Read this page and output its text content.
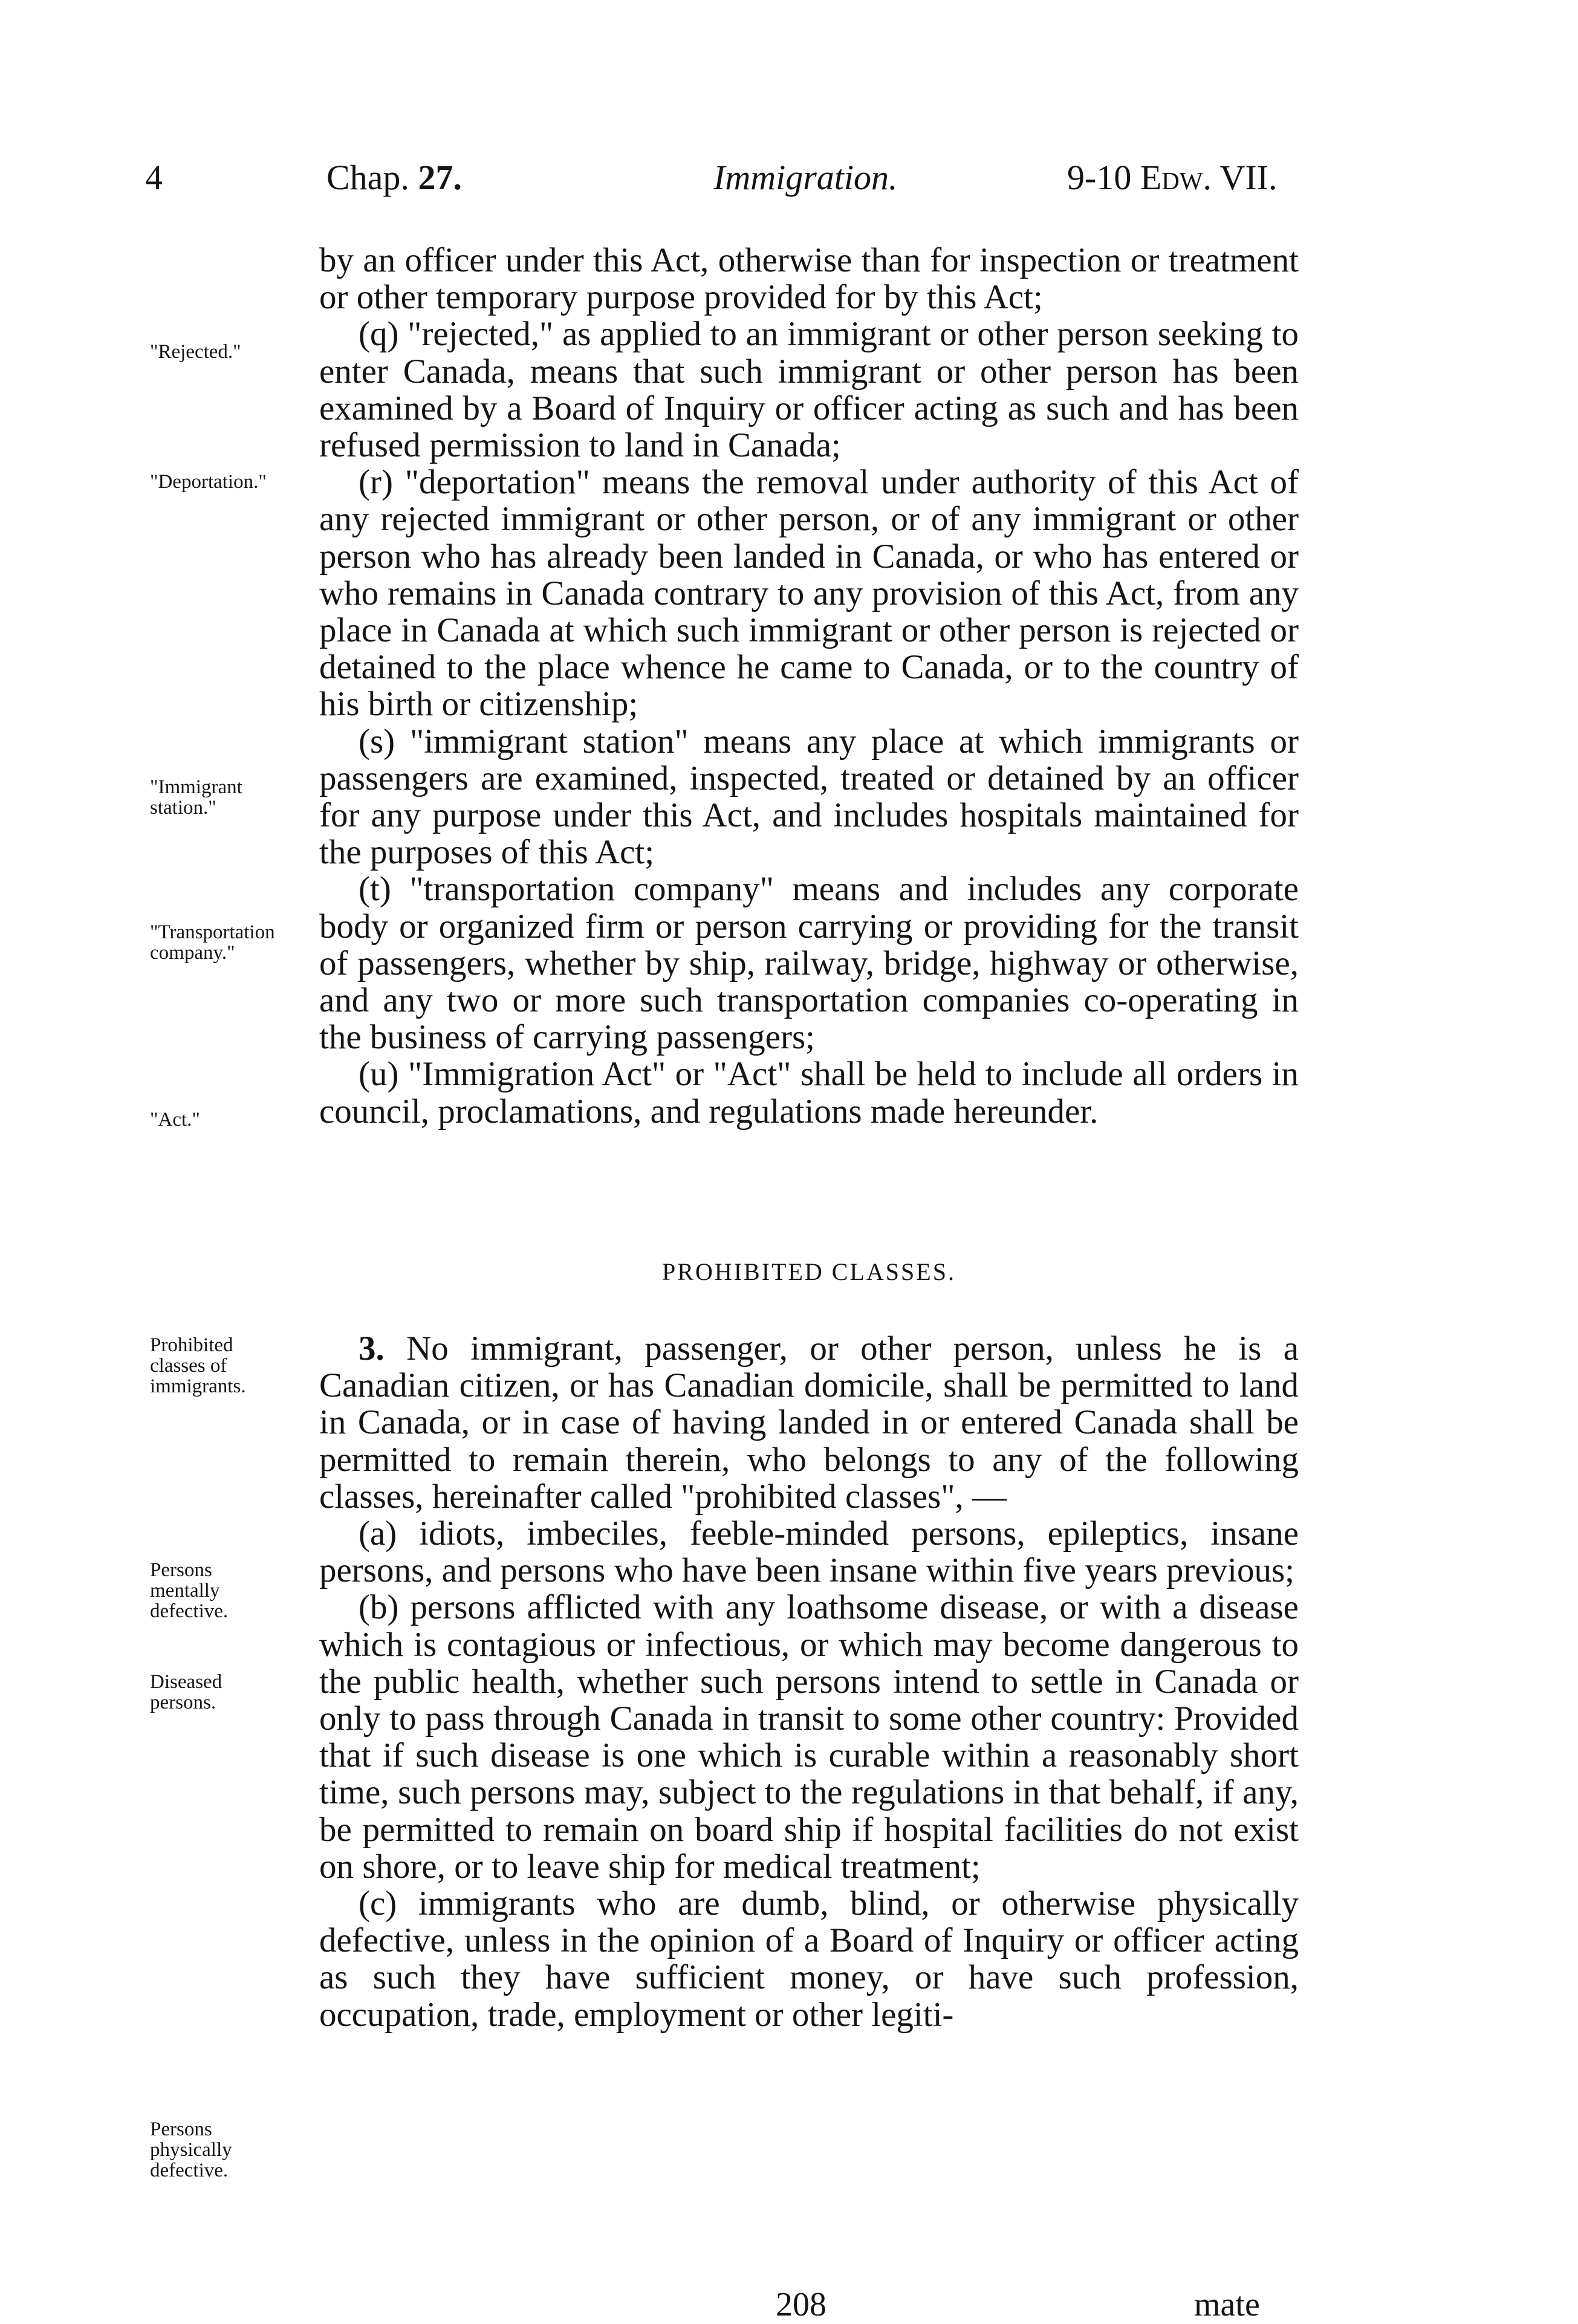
4	Chap. 27.	Immigration.	9-10 Edw. VII.
"Rejected."
"Deportation."
"Immigrant station."
"Transportation company."
"Act."
Prohibited classes of immigrants.
Persons mentally defective.
Diseased persons.
Persons physically defective.

by an officer under this Act, otherwise than for inspection or treatment or other temporary purpose provided for by this Act;

(q) "rejected," as applied to an immigrant or other person seeking to enter Canada, means that such immigrant or other person has been examined by a Board of Inquiry or officer acting as such and has been refused permission to land in Canada;

(r) "deportation" means the removal under authority of this Act of any rejected immigrant or other person, or of any immigrant or other person who has already been landed in Canada, or who has entered or who remains in Canada contrary to any provision of this Act, from any place in Canada at which such immigrant or other person is rejected or detained to the place whence he came to Canada, or to the country of his birth or citizenship;

(s) "immigrant station" means any place at which immigrants or passengers are examined, inspected, treated or detained by an officer for any purpose under this Act, and includes hospitals maintained for the purposes of this Act;

(t) "transportation company" means and includes any corporate body or organized firm or person carrying or providing for the transit of passengers, whether by ship, railway, bridge, highway or otherwise, and any two or more such transportation companies co-operating in the business of carrying passengers;

(u) "Immigration Act" or "Act" shall be held to include all orders in council, proclamations, and regulations made hereunder.

PROHIBITED CLASSES.

3. No immigrant, passenger, or other person, unless he is a Canadian citizen, or has Canadian domicile, shall be permitted to land in Canada, or in case of having landed in or entered Canada shall be permitted to remain therein, who belongs to any of the following classes, hereinafter called "prohibited classes", —

(a) idiots, imbeciles, feeble-minded persons, epileptics, insane persons, and persons who have been insane within five years previous;

(b) persons afflicted with any loathsome disease, or with a disease which is contagious or infectious, or which may become dangerous to the public health, whether such persons intend to settle in Canada or only to pass through Canada in transit to some other country: Provided that if such disease is one which is curable within a reasonably short time, such persons may, subject to the regulations in that behalf, if any, be permitted to remain on board ship if hospital facilities do not exist on shore, or to leave ship for medical treatment;

(c) immigrants who are dumb, blind, or otherwise physically defective, unless in the opinion of a Board of Inquiry or officer acting as such they have sufficient money, or have such profession, occupation, trade, employment or other legiti-

208	mate
